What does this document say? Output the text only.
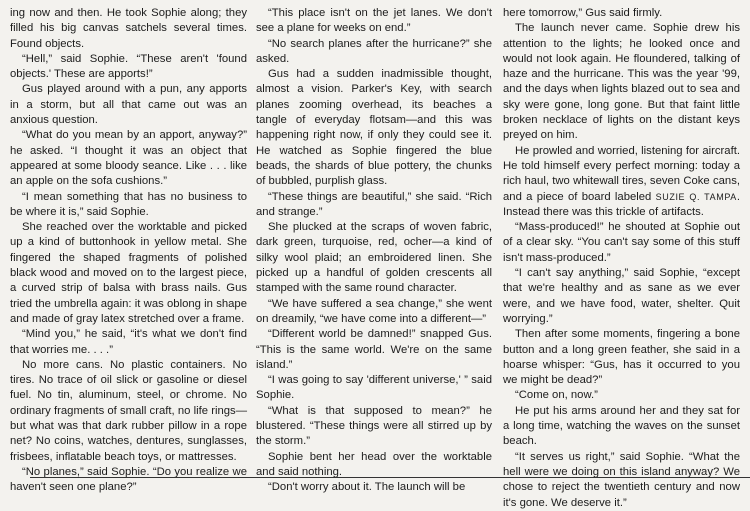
ing now and then. He took Sophie along; they filled his big canvas satchels several times. Found objects.

“Hell,” said Sophie. “These aren't 'found objects.' These are apports!”

Gus played around with a pun, any apports in a storm, but all that came out was an anxious question.

“What do you mean by an apport, anyway?” he asked. “I thought it was an object that appeared at some bloody seance. Like . . . like an apple on the sofa cushions.”

“I mean something that has no business to be where it is,” said Sophie.

She reached over the worktable and picked up a kind of buttonhook in yellow metal. She fingered the shaped fragments of polished black wood and moved on to the largest piece, a curved strip of balsa with brass nails. Gus tried the umbrella again: it was oblong in shape and made of gray latex stretched over a frame.

“Mind you,” he said, “it's what we don't find that worries me. . . .”

No more cans. No plastic containers. No tires. No trace of oil slick or gasoline or diesel fuel. No tin, aluminum, steel, or chrome. No ordinary fragments of small craft, no life rings—but what was that dark rubber pillow in a rope net? No coins, watches, dentures, sunglasses, frisbees, inflatable beach toys, or mattresses.

“No planes,” said Sophie. “Do you realize we haven't seen one plane?”

“This place isn't on the jet lanes. We don't see a plane for weeks on end.”

“No search planes after the hurricane?” she asked.

Gus had a sudden inadmissible thought, almost a vision. Parker's Key, with search planes zooming overhead, its beaches a tangle of everyday flotsam—and this was happening right now, if only they could see it. He watched as Sophie fingered the blue beads, the shards of blue pottery, the chunks of bubbled, purplish glass.

“These things are beautiful,” she said. “Rich and strange.”

She plucked at the scraps of woven fabric, dark green, turquoise, red, ocher—a kind of silky wool plaid; an embroidered linen. She picked up a handful of golden crescents all stamped with the same round character.

“We have suffered a sea change,” she went on dreamily, “we have come into a different—”

“Different world be damned!” snapped Gus. “This is the same world. We're on the same island.”

“I was going to say 'different universe,' ” said Sophie.

“What is that supposed to mean?” he blustered. “These things were all stirred up by the storm.”

Sophie bent her head over the worktable and said nothing.

“Don't worry about it. The launch will be

here tomorrow,” Gus said firmly.

The launch never came. Sophie drew his attention to the lights; he looked once and would not look again. He floundered, talking of haze and the hurricane. This was the year '99, and the days when lights blazed out to sea and sky were gone, long gone. But that faint little broken necklace of lights on the distant keys preyed on him.

He prowled and worried, listening for aircraft. He told himself every perfect morning: today a rich haul, two whitewall tires, seven Coke cans, and a piece of board labeled SUZIE Q. TAMPA. Instead there was this trickle of artifacts.

“Mass-produced!” he shouted at Sophie out of a clear sky. “You can't say some of this stuff isn't mass-produced.”

“I can't say anything,” said Sophie, “except that we're healthy and as sane as we ever were, and we have food, water, shelter. Quit worrying.”

Then after some moments, fingering a bone button and a long green feather, she said in a hoarse whisper: “Gus, has it occurred to you we might be dead?”

“Come on, now.”

He put his arms around her and they sat for a long time, watching the waves on the sunset beach.

“It serves us right,” said Sophie. “What the hell were we doing on this island anyway? We chose to reject the twentieth century and now it's gone. We deserve it.”
